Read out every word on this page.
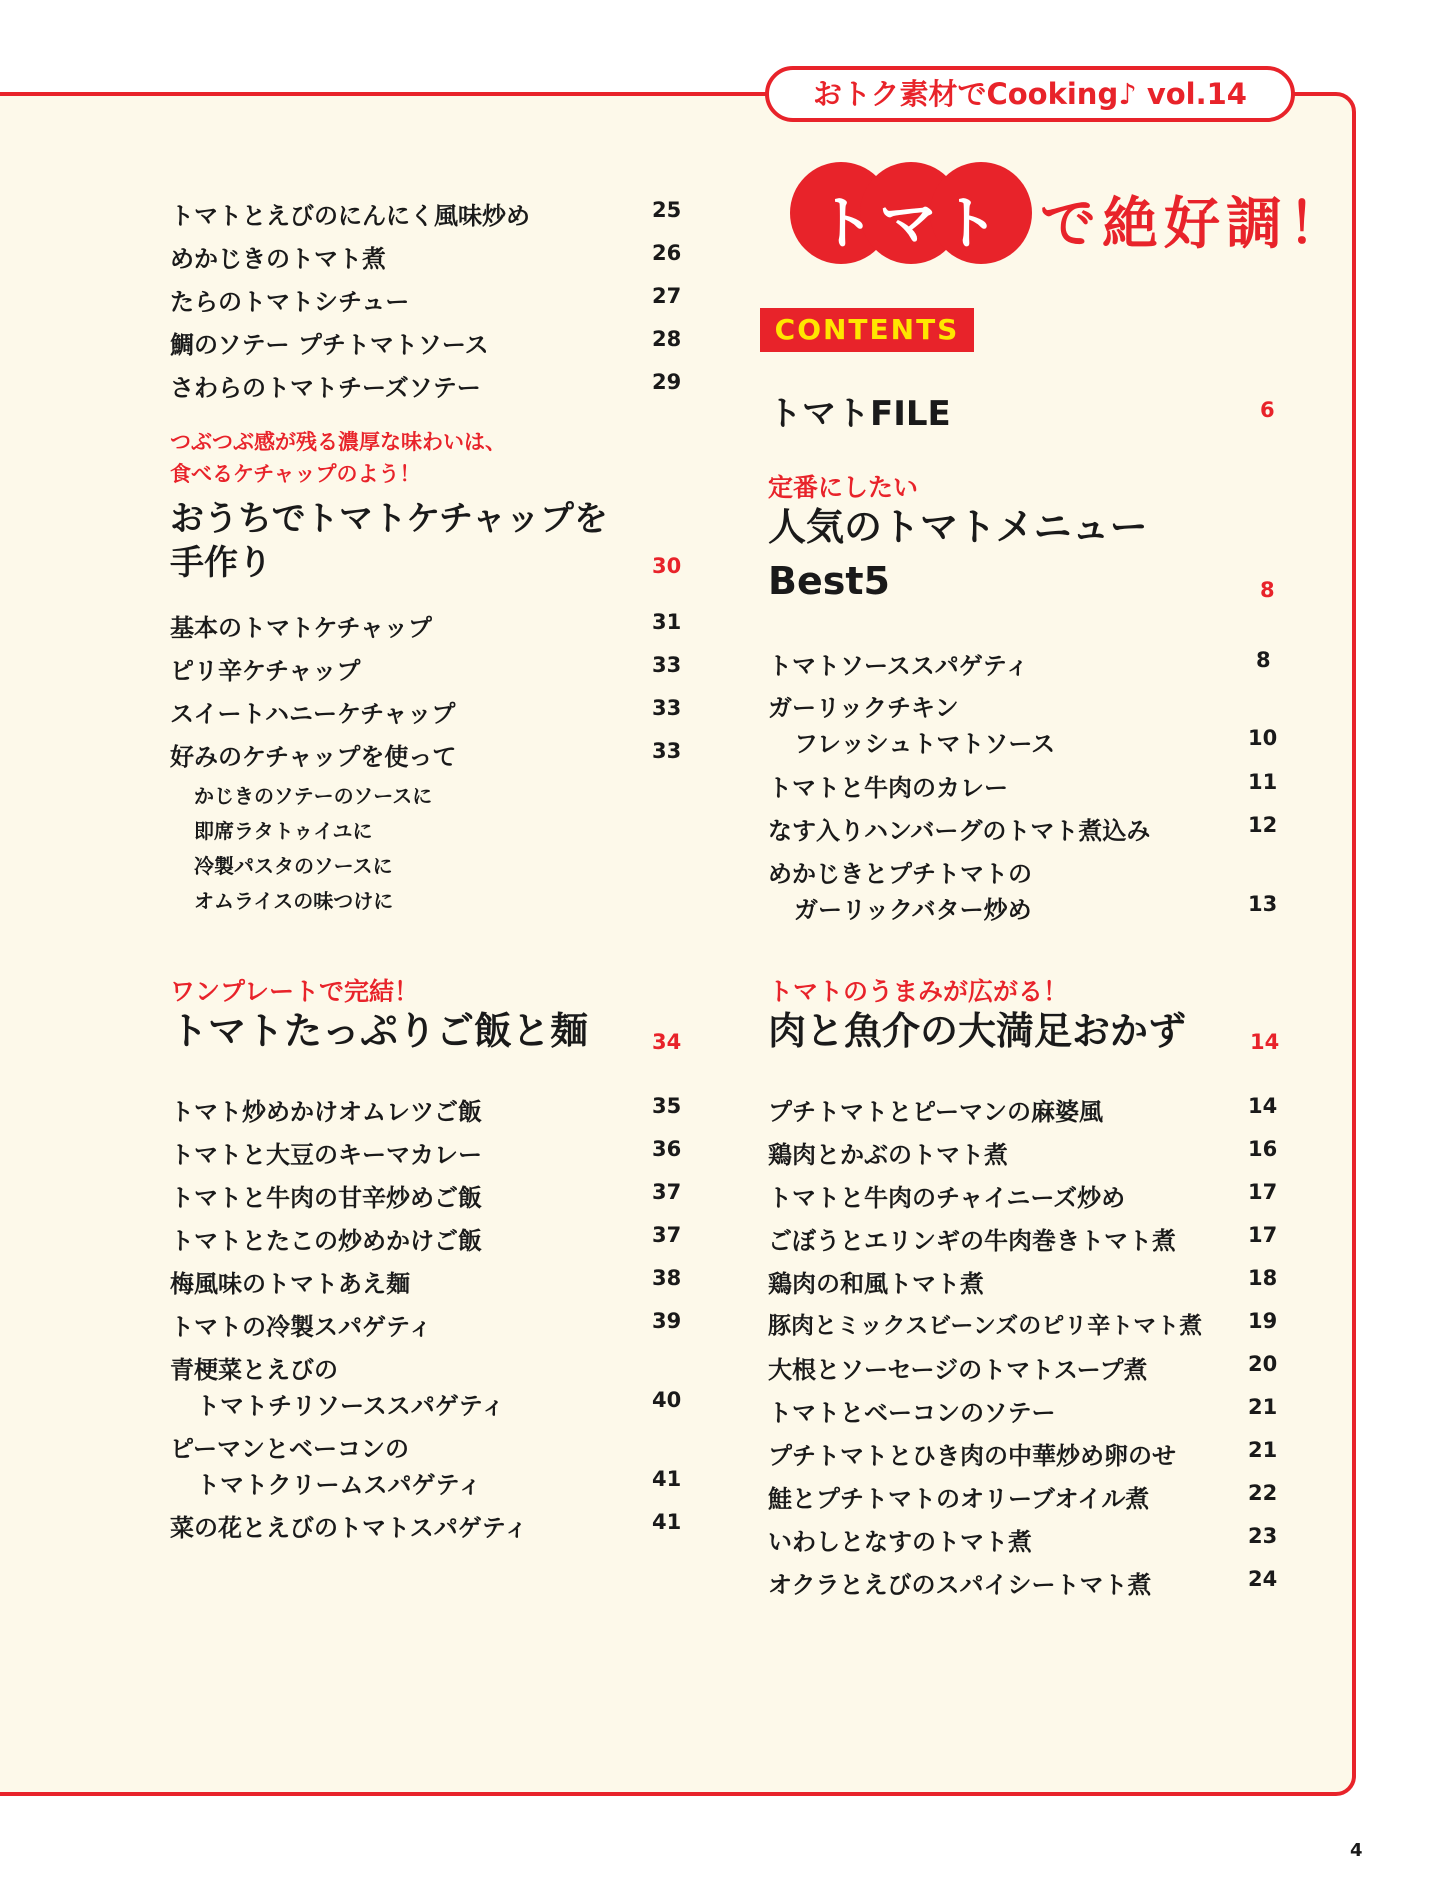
おトク素材でCooking♪ vol.14
トマト で絶好調！
CONTENTS
トマトFILE	6
定番にしたい
人気のトマトメニュー
Best5	8
トマトソーススパゲティ	8
ガーリックチキン
フレッシュトマトソース	10
トマトと牛肉のカレー	11
なす入りハンバーグのトマト煮込み	12
めかじきとプチトマトの
ガーリックバター炒め	13
トマトのうまみが広がる！
肉と魚介の大満足おかず	14
プチトマトとピーマンの麻婆風	14
鶏肉とかぶのトマト煮	16
トマトと牛肉のチャイニーズ炒め	17
ごぼうとエリンギの牛肉巻きトマト煮	17
鶏肉の和風トマト煮	18
豚肉とミックスビーンズのピリ辛トマト煮 19
大根とソーセージのトマトスープ煮	20
トマトとベーコンのソテー	21
プチトマトとひき肉の中華炒め卵のせ	21
鮭とプチトマトのオリーブオイル煮	22
いわしとなすのトマト煮	23
オクラとえびのスパイシートマト煮	24
トマトとえびのにんにく風味炒め	25
めかじきのトマト煮	26
たらのトマトシチュー	27
鯛のソテー プチトマトソース	28
さわらのトマトチーズソテー	29
つぶつぶ感が残る濃厚な味わいは、
食べるケチャップのよう！
おうちでトマトケチャップを
手作り	30
基本のトマトケチャップ	31
ピリ辛ケチャップ	33
スイートハニーケチャップ	33
好みのケチャップを使って	33
かじきのソテーのソースに
即席ラタトゥイユに
冷製パスタのソースに
オムライスの味つけに
ワンプレートで完結！
トマトたっぷりご飯と麺	34
トマト炒めかけオムレツご飯	35
トマトと大豆のキーマカレー	36
トマトと牛肉の甘辛炒めご飯	37
トマトとたこの炒めかけご飯	37
梅風味のトマトあえ麺	38
トマトの冷製スパゲティ	39
青梗菜とえびの
トマトチリソーススパゲティ	40
ピーマンとベーコンの
トマトクリームスパゲティ	41
菜の花とえびのトマトスパゲティ	41
4
